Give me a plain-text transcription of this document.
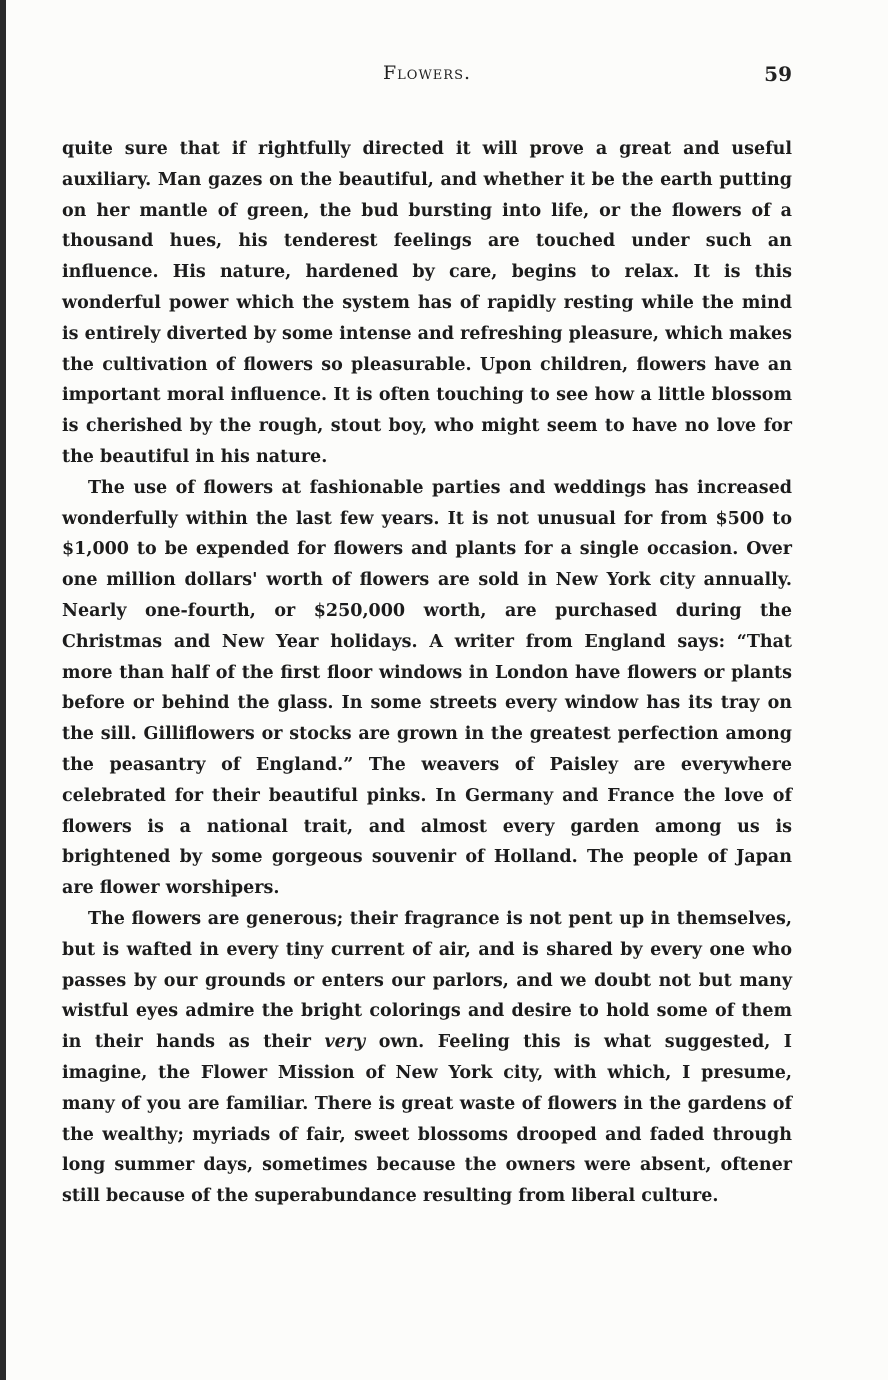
Flowers.	59

quite sure that if rightfully directed it will prove a great and useful auxiliary. Man gazes on the beautiful, and whether it be the earth putting on her mantle of green, the bud bursting into life, or the flowers of a thousand hues, his tenderest feelings are touched under such an influence. His nature, hardened by care, begins to relax. It is this wonderful power which the system has of rapidly resting while the mind is entirely diverted by some intense and refreshing pleasure, which makes the cultivation of flowers so pleasurable. Upon children, flowers have an important moral influence. It is often touching to see how a little blossom is cherished by the rough, stout boy, who might seem to have no love for the beautiful in his nature.

The use of flowers at fashionable parties and weddings has increased wonderfully within the last few years. It is not unusual for from $500 to $1,000 to be expended for flowers and plants for a single occasion. Over one million dollars' worth of flowers are sold in New York city annually. Nearly one-fourth, or $250,000 worth, are purchased during the Christmas and New Year holidays. A writer from England says: “That more than half of the first floor windows in London have flowers or plants before or behind the glass. In some streets every window has its tray on the sill. Gilliflowers or stocks are grown in the greatest perfection among the peasantry of England.” The weavers of Paisley are everywhere celebrated for their beautiful pinks. In Germany and France the love of flowers is a national trait, and almost every garden among us is brightened by some gorgeous souvenir of Holland. The people of Japan are flower worshipers.

The flowers are generous; their fragrance is not pent up in themselves, but is wafted in every tiny current of air, and is shared by every one who passes by our grounds or enters our parlors, and we doubt not but many wistful eyes admire the bright colorings and desire to hold some of them in their hands as their very own. Feeling this is what suggested, I imagine, the Flower Mission of New York city, with which, I presume, many of you are familiar. There is great waste of flowers in the gardens of the wealthy; myriads of fair, sweet blossoms drooped and faded through long summer days, sometimes because the owners were absent, oftener still because of the superabundance resulting from liberal culture.
